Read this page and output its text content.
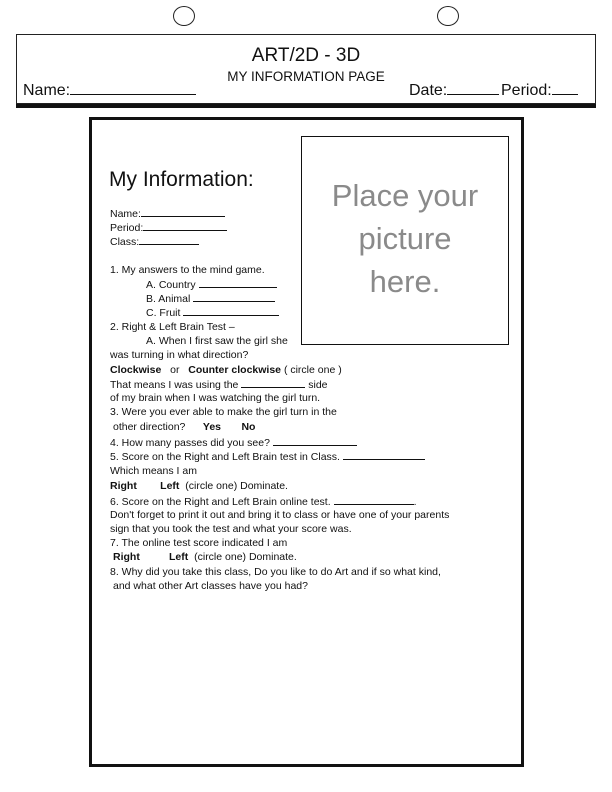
ART/2D - 3D
MY INFORMATION PAGE
Name:	Date:	Period:
Place your
picture
here.
My Information:
Name:
Period:
Class:
1. My answers to the mind game.
A. Country
B. Animal
C. Fruit
2. Right & Left Brain Test –
A. When I first saw the girl she
was turning in what direction?
Clockwise or Counter clockwise ( circle one )
That means I was using the	side
of my brain when I was watching the girl turn.
3. Were you ever able to make the girl turn in the
other direction? Yes No
4. How many passes did you see?
5. Score on the Right and Left Brain test in Class.
Which means I am
Right Left (circle one) Dominate.
6. Score on the Right and Left Brain online test.	.
Don't forget to print it out and bring it to class or have one of your parents
sign that you took the test and what your score was.
7. The online test score indicated I am
Right	Left (circle one) Dominate.
8. Why did you take this class, Do you like to do Art and if so what kind,
and what other Art classes have you had?
